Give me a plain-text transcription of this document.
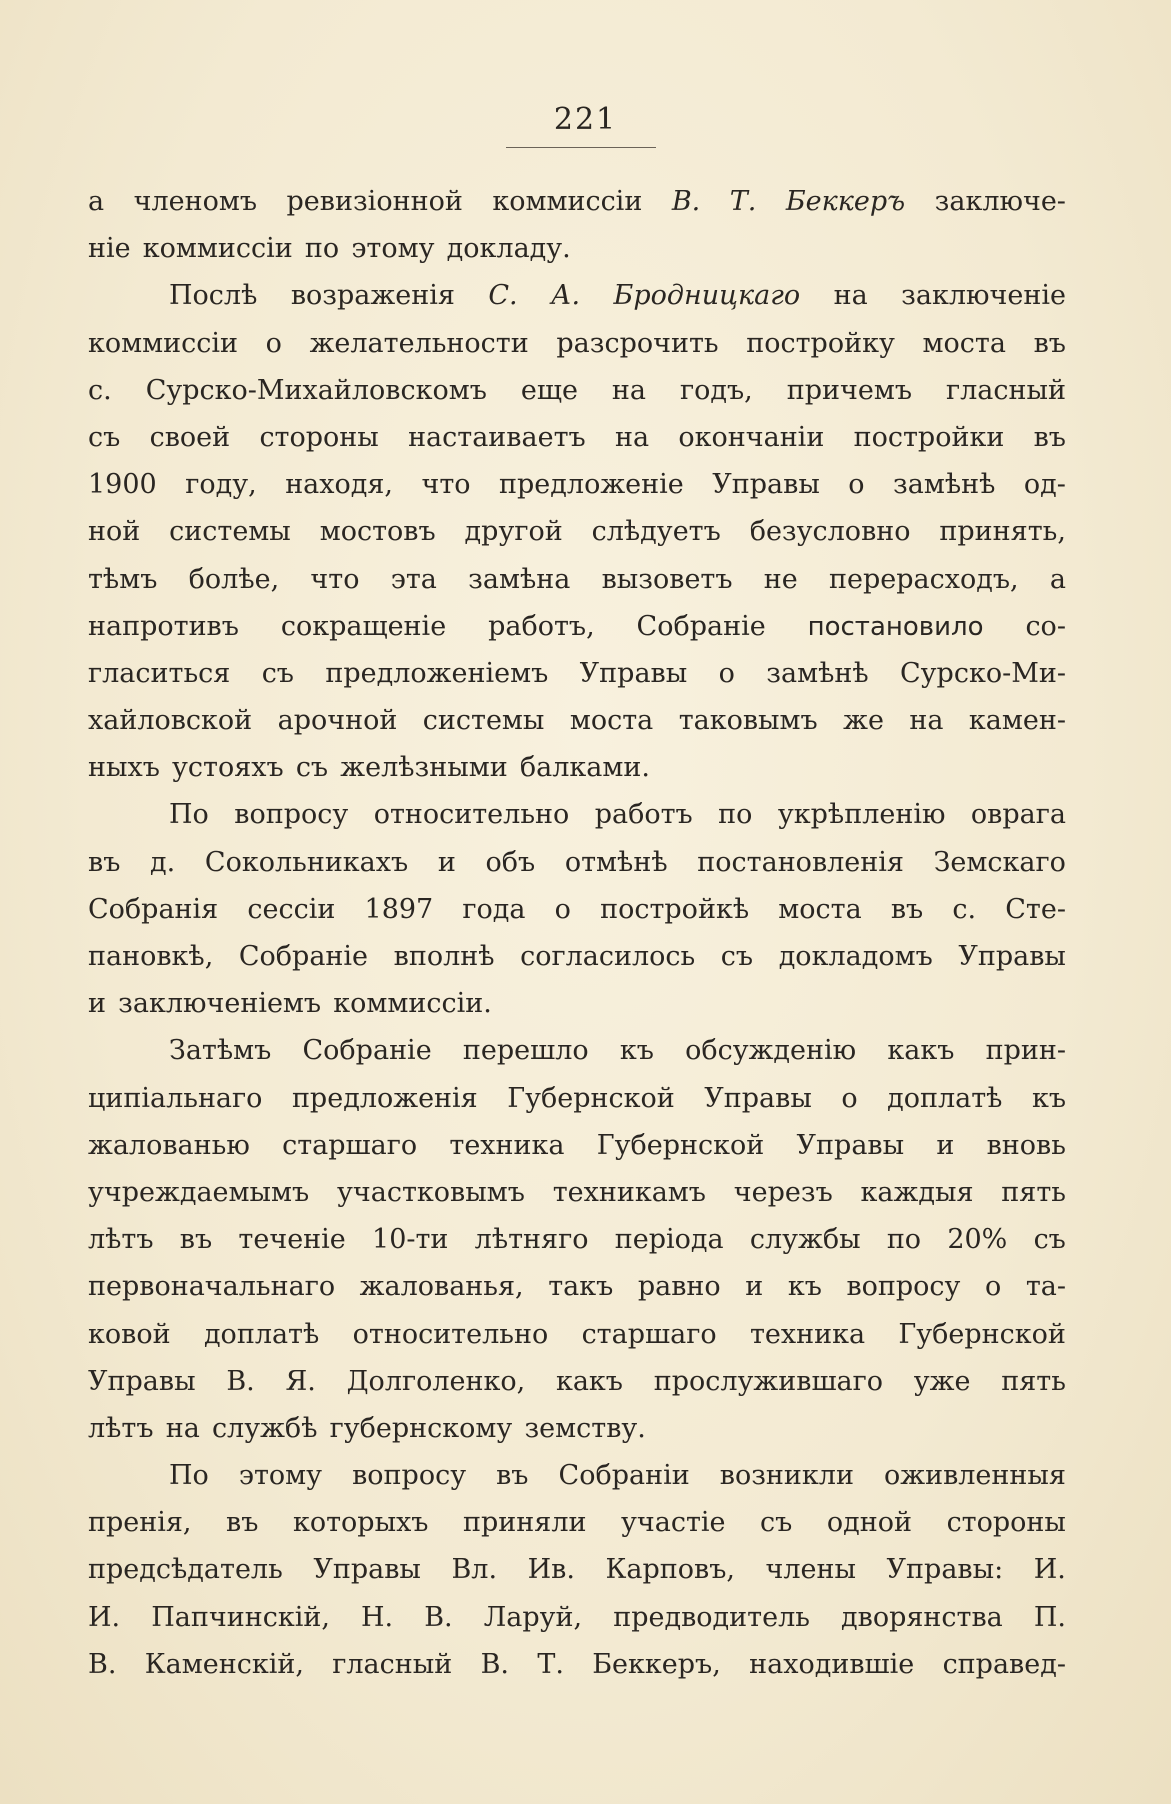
221
а членомъ ревизіонной коммиссіи В. Т. Беккеръ заключе-
ніе коммиссіи по этому докладу.
Послѣ возраженія С. А. Бродницкаго на заключеніе
коммиссіи о желательности разсрочить постройку моста въ
с. Сурско-Михайловскомъ еще на годъ, причемъ гласный
съ своей стороны настаиваетъ на окончаніи постройки въ
1900 году, находя, что предложеніе Управы о замѣнѣ од-
ной системы мостовъ другой слѣдуетъ безусловно принять,
тѣмъ болѣе, что эта замѣна вызоветъ не перерасходъ, а
напротивъ сокращеніе работъ, Собраніе постановило со-
гласиться съ предложеніемъ Управы о замѣнѣ Сурско-Ми-
хайловской арочной системы моста таковымъ же на камен-
ныхъ устояхъ съ желѣзными балками.
По вопросу относительно работъ по укрѣпленію оврага
въ д. Сокольникахъ и объ отмѣнѣ постановленія Земскаго
Собранія сессіи 1897 года о постройкѣ моста въ с. Сте-
пановкѣ, Собраніе вполнѣ согласилось съ докладомъ Управы
и заключеніемъ коммиссіи.
Затѣмъ Собраніе перешло къ обсужденію какъ прин-
ципіальнаго предложенія Губернской Управы о доплатѣ къ
жалованью старшаго техника Губернской Управы и вновь
учреждаемымъ участковымъ техникамъ черезъ каждыя пять
лѣтъ въ теченіе 10-ти лѣтняго періода службы по 20% съ
первоначальнаго жалованья, такъ равно и къ вопросу о та-
ковой доплатѣ относительно старшаго техника Губернской
Управы В. Я. Долголенко, какъ прослужившаго уже пять
лѣтъ на службѣ губернскому земству.
По этому вопросу въ Собраніи возникли оживленныя
пренія, въ которыхъ приняли участіе съ одной стороны
предсѣдатель Управы Вл. Ив. Карповъ, члены Управы: И.
И. Папчинскій, Н. В. Ларуй, предводитель дворянства П.
В. Каменскій, гласный В. Т. Беккеръ, находившіе справед-
